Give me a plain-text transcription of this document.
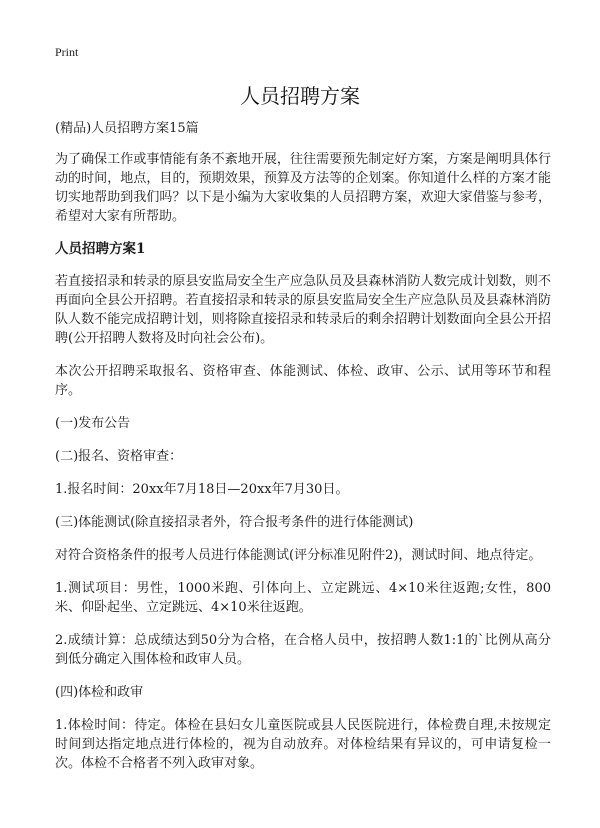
Print
人员招聘方案

(精品)人员招聘方案15篇

为了确保工作或事情能有条不紊地开展，往往需要预先制定好方案，方案是阐明具体行动的时间，地点，目的，预期效果，预算及方法等的企划案。你知道什么样的方案才能切实地帮助到我们吗？以下是小编为大家收集的人员招聘方案，欢迎大家借鉴与参考，希望对大家有所帮助。

人员招聘方案1

若直接招录和转录的原县安监局安全生产应急队员及县森林消防人数完成计划数，则不再面向全县公开招聘。若直接招录和转录的原县安监局安全生产应急队员及县森林消防队人数不能完成招聘计划，则将除直接招录和转录后的剩余招聘计划数面向全县公开招聘(公开招聘人数将及时向社会公布)。

本次公开招聘采取报名、资格审查、体能测试、体检、政审、公示、试用等环节和程序。

(一)发布公告

(二)报名、资格审查：

1.报名时间：20xx年7月18日—20xx年7月30日。

(三)体能测试(除直接招录者外，符合报考条件的进行体能测试)

对符合资格条件的报考人员进行体能测试(评分标准见附件2)，测试时间、地点待定。

1.测试项目：男性，1000米跑、引体向上、立定跳远、4×10米往返跑;女性，800米、仰卧起坐、立定跳远、4×10米往返跑。

2.成绩计算：总成绩达到50分为合格，在合格人员中，按招聘人数1:1的`比例从高分到低分确定入围体检和政审人员。

(四)体检和政审

1.体检时间：待定。体检在县妇女儿童医院或县人民医院进行，体检费自理,未按规定时间到达指定地点进行体检的，视为自动放弃。对体检结果有异议的，可申请复检一次。体检不合格者不列入政审对象。
